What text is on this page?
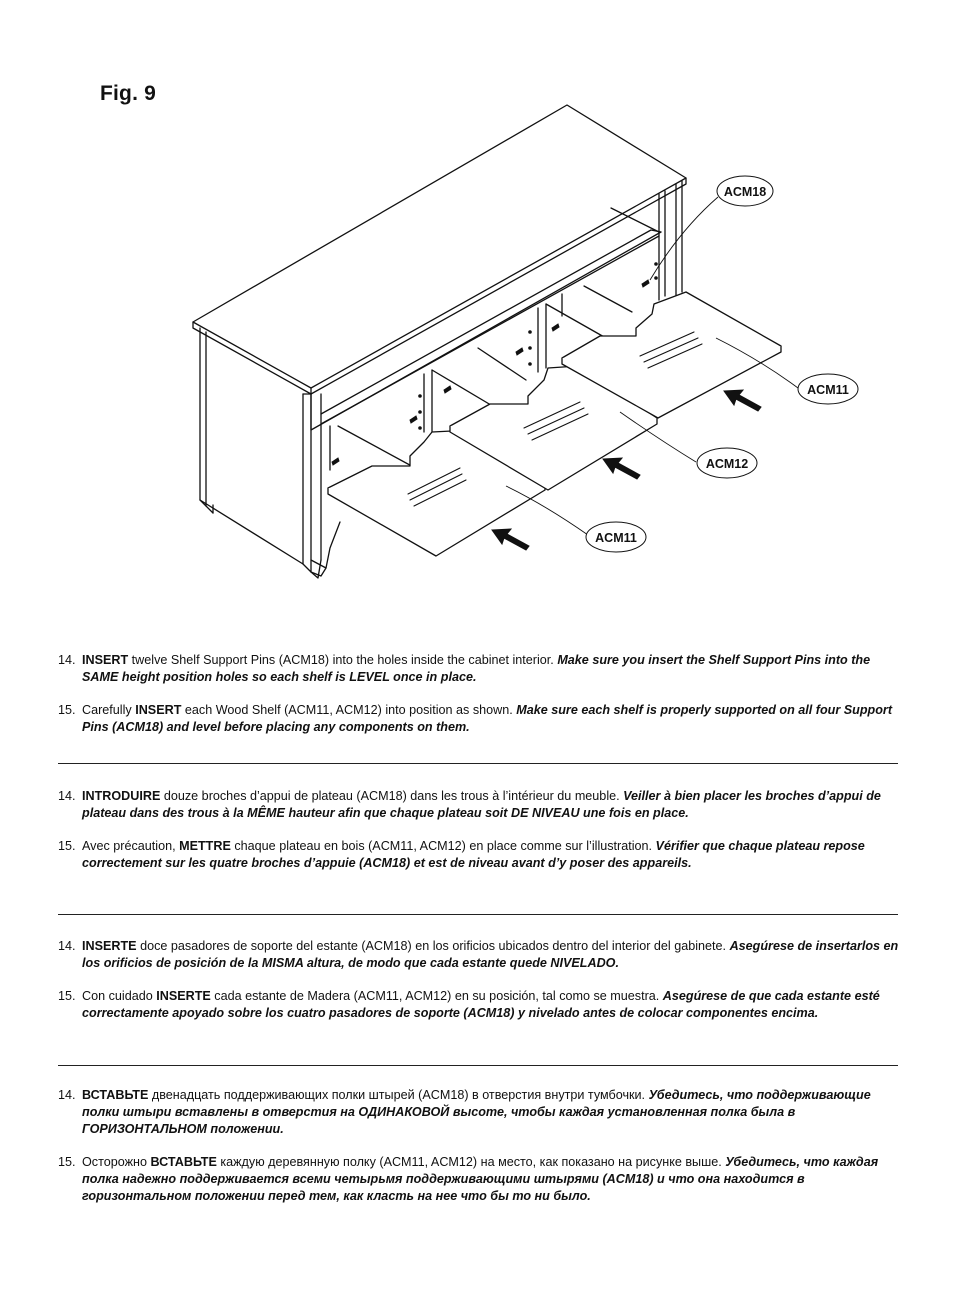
Fig. 9
ACM18
ACM11
ACM12
ACM11
14. INSERT twelve Shelf Support Pins (ACM18) into the holes inside the cabinet interior. Make sure you insert the Shelf Support Pins into the SAME height position holes so each shelf is LEVEL once in place.
15. Carefully INSERT each Wood Shelf (ACM11, ACM12) into position as shown. Make sure each shelf is properly supported on all four Support Pins (ACM18) and level before placing any components on them.
14. INTRODUIRE douze broches d’appui de plateau (ACM18) dans les trous à l’intérieur du meuble. Veiller à bien placer les broches d’appui de plateau dans des trous à la MÊME hauteur afin que chaque plateau soit DE NIVEAU une fois en place.
15. Avec précaution, METTRE chaque plateau en bois (ACM11, ACM12) en place comme sur l’illustration. Vérifier que chaque plateau repose correctement sur les quatre broches d’appuie (ACM18) et est de niveau avant d’y poser des appareils.
14. INSERTE doce pasadores de soporte del estante (ACM18) en los orificios ubicados dentro del interior del gabinete. Asegúrese de insertarlos en los orificios de posición de la MISMA altura, de modo que cada estante quede NIVELADO.
15. Con cuidado INSERTE cada estante de Madera (ACM11, ACM12) en su posición, tal como se muestra. Asegúrese de que cada estante esté correctamente apoyado sobre los cuatro pasadores de soporte (ACM18) y nivelado antes de colocar componentes encima.
14. ВСТАВЬТЕ двенадцать поддерживающих полки штырей (ACM18) в отверстия внутри тумбочки. Убедитесь, что поддерживающие полки штыри вставлены в отверстия на ОДИНАКОВОЙ высоте, чтобы каждая установленная полка была в ГОРИЗОНТАЛЬНОМ положении.
15. Осторожно ВСТАВЬТЕ каждую деревянную полку (ACM11, ACM12) на место, как показано на рисунке выше. Убедитесь, что каждая полка надежно поддерживается всеми четырьмя поддерживающими штырями (ACM18) и что она находится в горизонтальном положении перед тем, как класть на нее что бы то ни было.
